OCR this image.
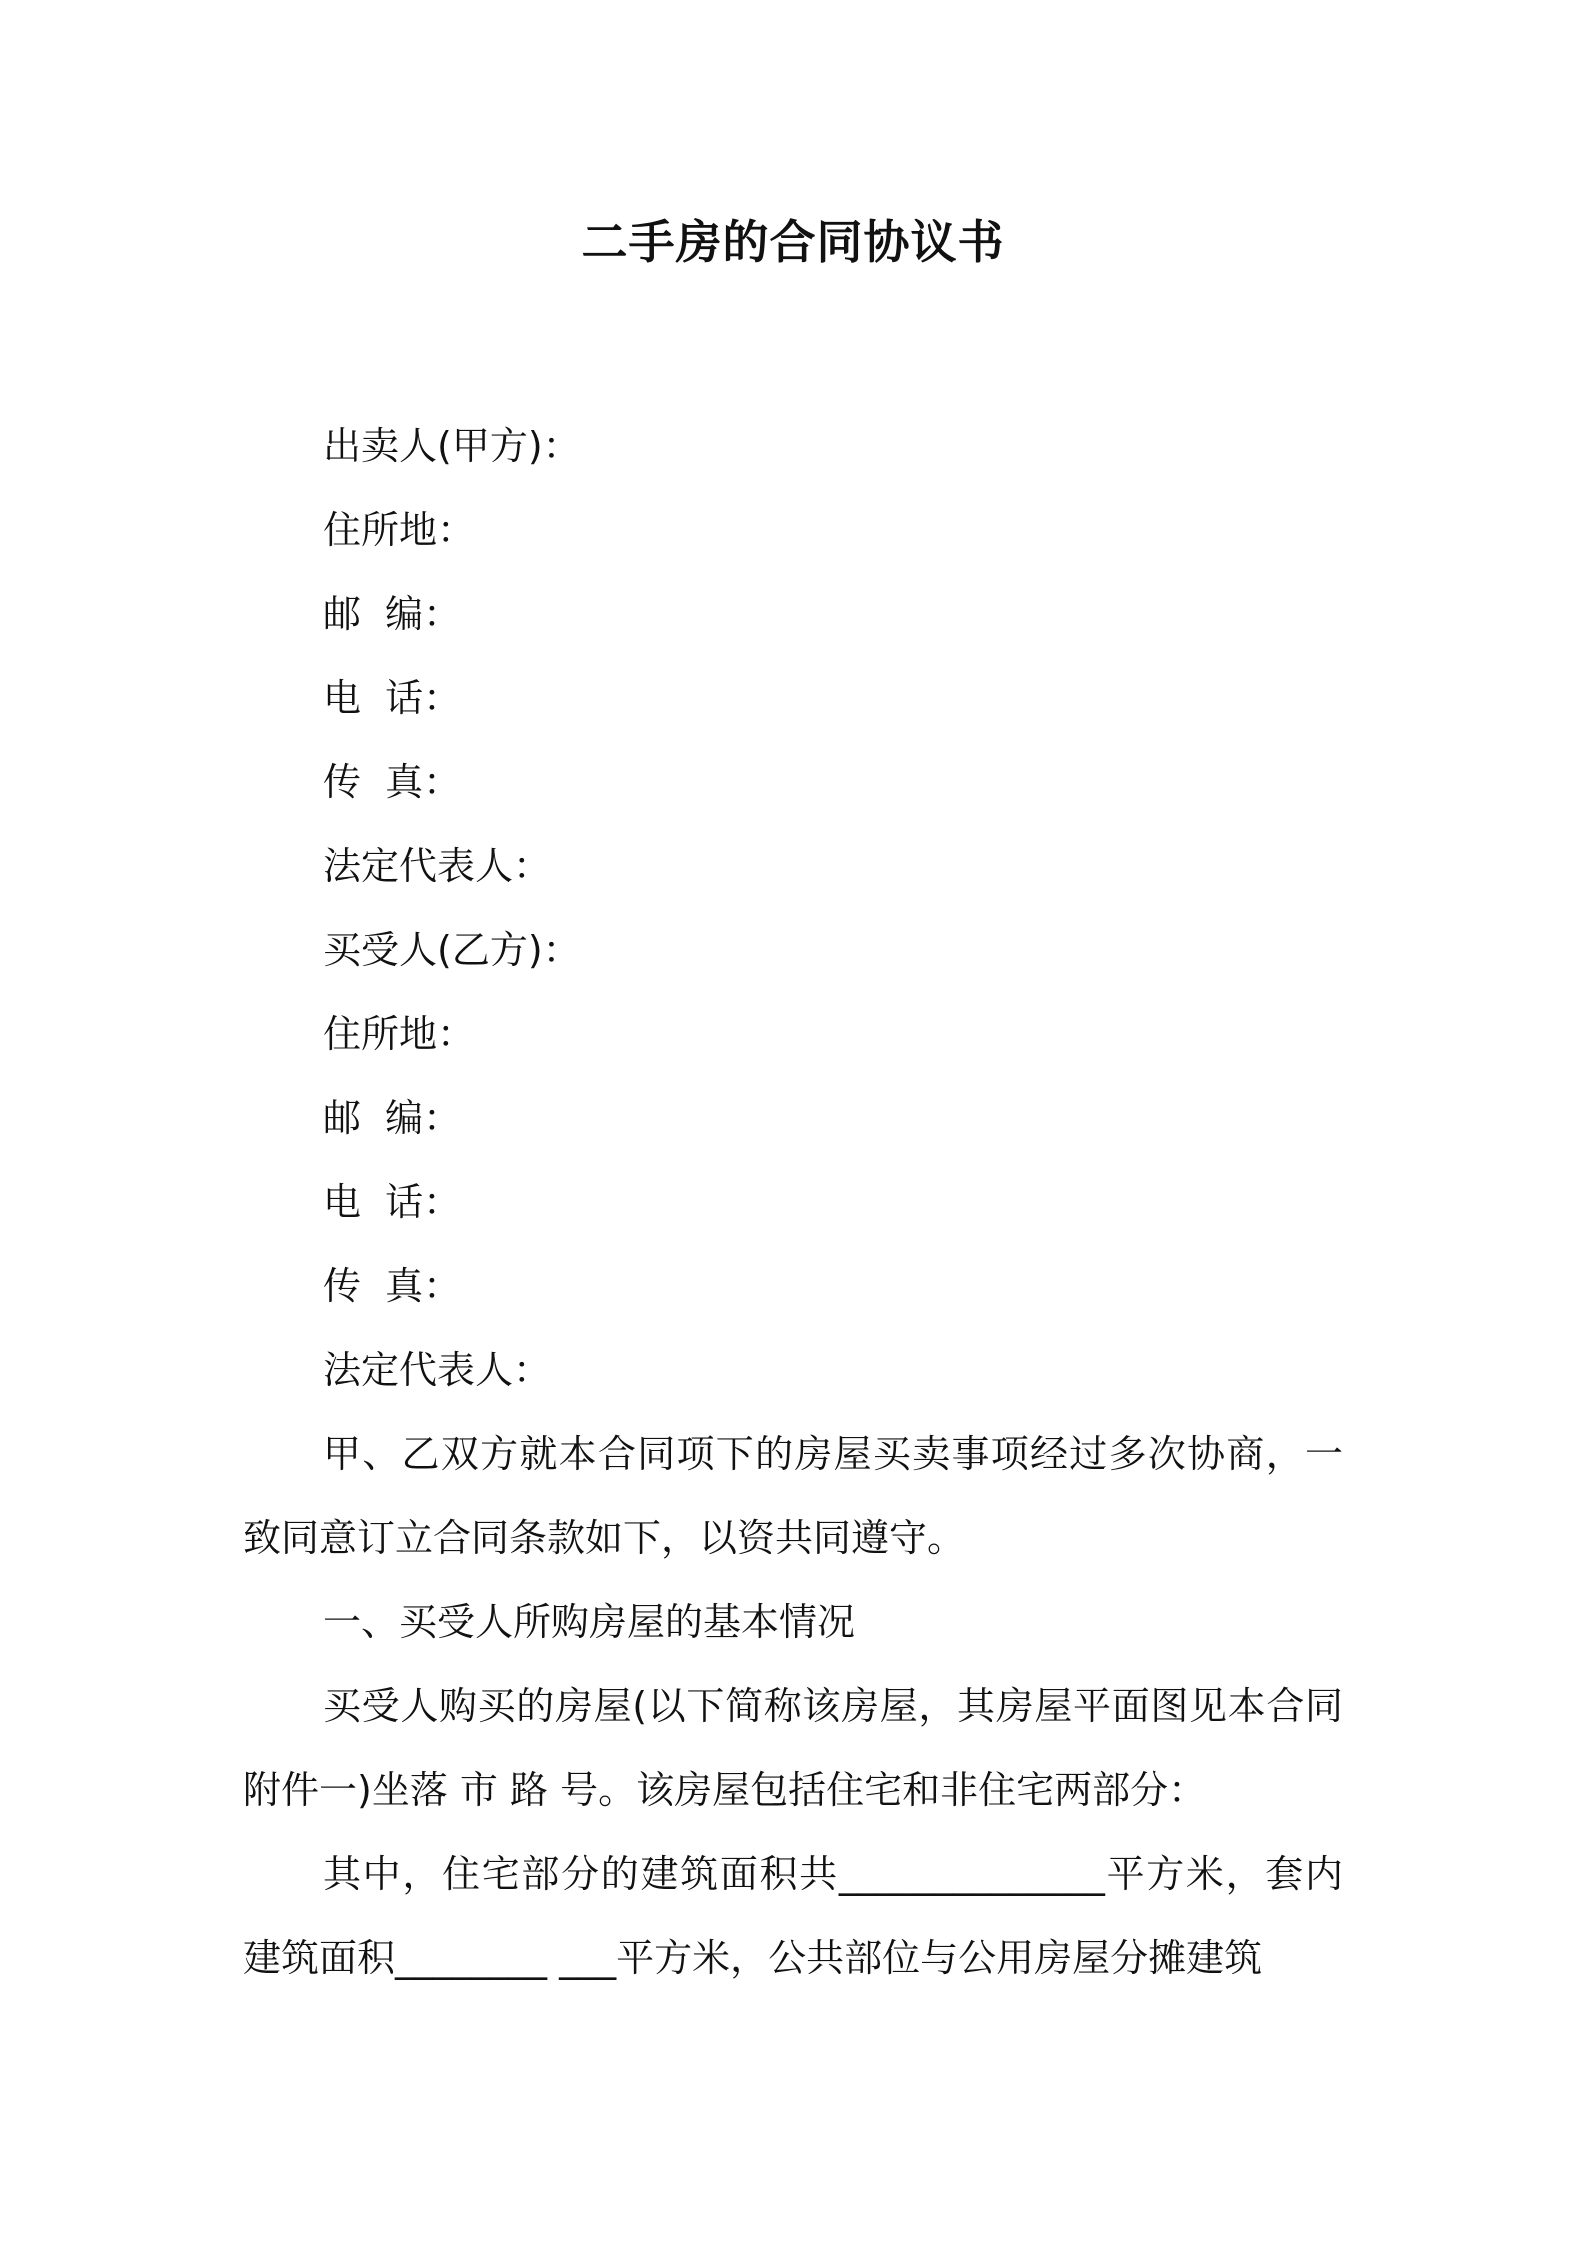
二手房的合同协议书
出卖人(甲方)：
住所地：
邮  编：
电  话：
传  真：
法定代表人：
买受人(乙方)：
住所地：
邮  编：
电  话：
传  真：
法定代表人：
甲、乙双方就本合同项下的房屋买卖事项经过多次协商，一致同意订立合同条款如下，以资共同遵守。
一、买受人所购房屋的基本情况
买受人购买的房屋(以下简称该房屋，其房屋平面图见本合同附件一)坐落 市 路 号。该房屋包括住宅和非住宅两部分：
其中，住宅部分的建筑面积共______________平方米，套内建筑面积________ ___平方米，公共部位与公用房屋分摊建筑
